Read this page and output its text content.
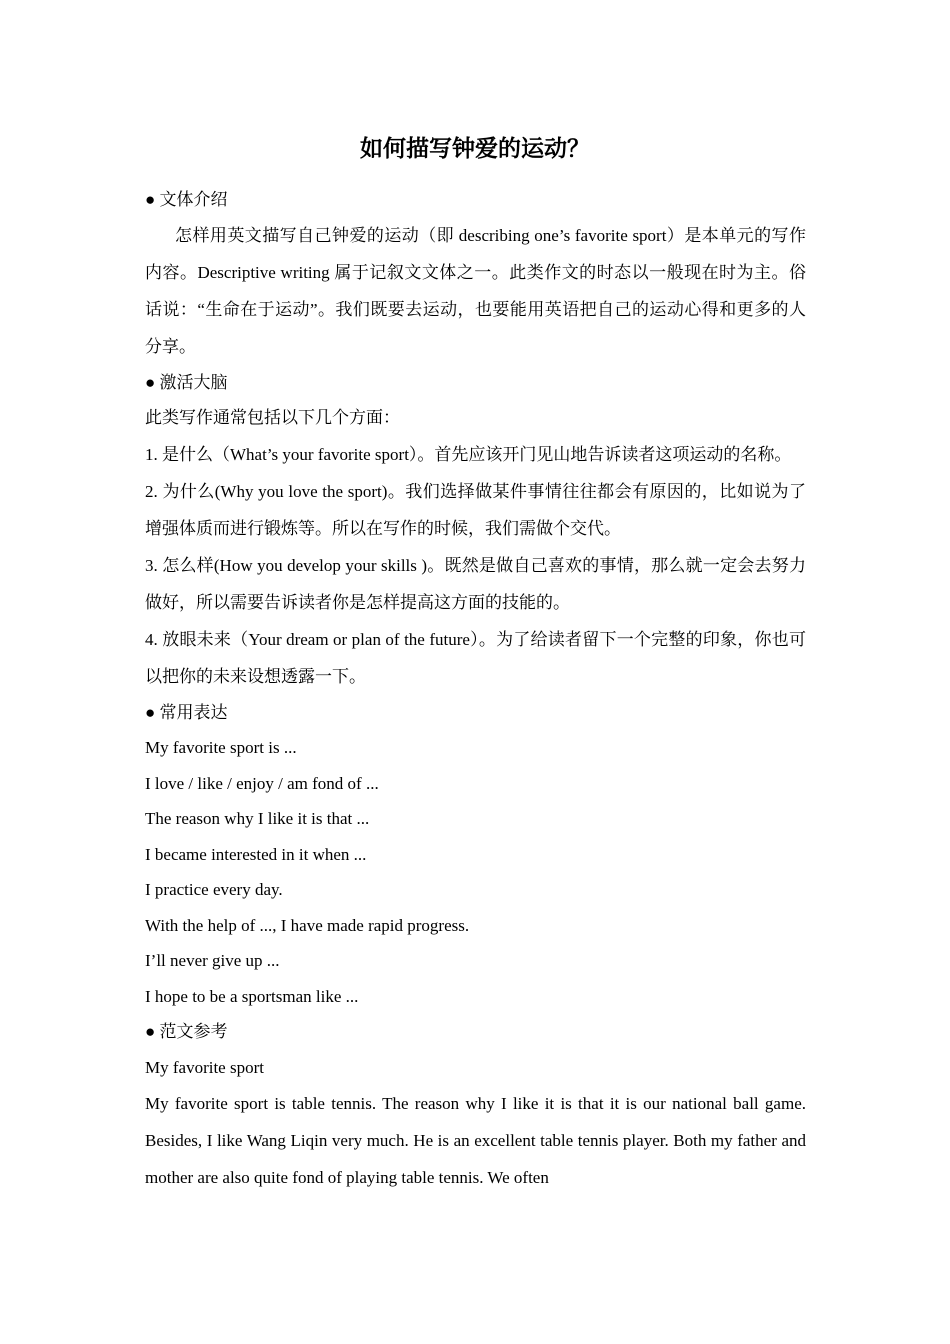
如何描写钟爱的运动？
● 文体介绍

怎样用英文描写自己钟爱的运动（即 describing one’s favorite sport）是本单元的写作内容。Descriptive writing 属于记叙文文体之一。此类作文的时态以一般现在时为主。俗话说：“生命在于运动”。我们既要去运动，也要能用英语把自己的运动心得和更多的人分享。

● 激活大脑
此类写作通常包括以下几个方面：

1. 是什么（What’s your favorite sport）。首先应该开门见山地告诉读者这项运动的名称。

2. 为什么(Why you love the sport)。我们选择做某件事情往往都会有原因的，比如说为了增强体质而进行锻炼等。所以在写作的时候，我们需做个交代。

3. 怎么样(How you develop your skills )。既然是做自己喜欢的事情，那么就一定会去努力做好，所以需要告诉读者你是怎样提高这方面的技能的。

4. 放眼未来（Your dream or plan of the future）。为了给读者留下一个完整的印象，你也可以把你的未来设想透露一下。

● 常用表达
My favorite sport is ...
I love / like / enjoy / am fond of ...
The reason why I like it is that ...
I became interested in it when ...
I practice every day.
With the help of ..., I have made rapid progress.
I’ll never give up ...
I hope to be a sportsman like ...
● 范文参考
My favorite sport

My favorite sport is table tennis. The reason why I like it is that it is our national ball game. Besides, I like Wang Liqin very much. He is an excellent table tennis player. Both my father and mother are also quite fond of playing table tennis. We often
